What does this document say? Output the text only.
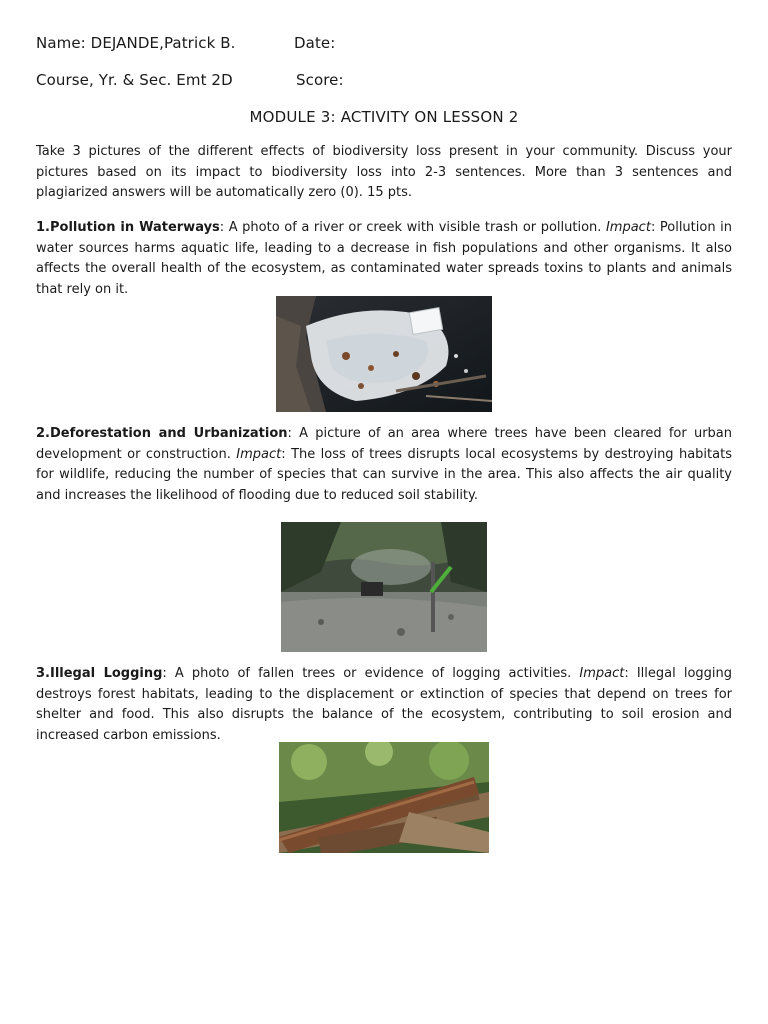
Name: DEJANDE,Patrick B.	Date:
Course, Yr. & Sec. Emt 2D	Score:
MODULE 3: ACTIVITY ON LESSON 2
Take 3 pictures of the different effects of biodiversity loss present in your community. Discuss your pictures based on its impact to biodiversity loss into 2-3 sentences. More than 3 sentences and plagiarized answers will be automatically zero (0). 15 pts.
1.Pollution in Waterways: A photo of a river or creek with visible trash or pollution. Impact: Pollution in water sources harms aquatic life, leading to a decrease in fish populations and other organisms. It also affects the overall health of the ecosystem, as contaminated water spreads toxins to plants and animals that rely on it.
2.Deforestation and Urbanization: A picture of an area where trees have been cleared for urban development or construction. Impact: The loss of trees disrupts local ecosystems by destroying habitats for wildlife, reducing the number of species that can survive in the area. This also affects the air quality and increases the likelihood of flooding due to reduced soil stability.
3.Illegal Logging: A photo of fallen trees or evidence of logging activities. Impact: Illegal logging destroys forest habitats, leading to the displacement or extinction of species that depend on trees for shelter and food. This also disrupts the balance of the ecosystem, contributing to soil erosion and increased carbon emissions.
